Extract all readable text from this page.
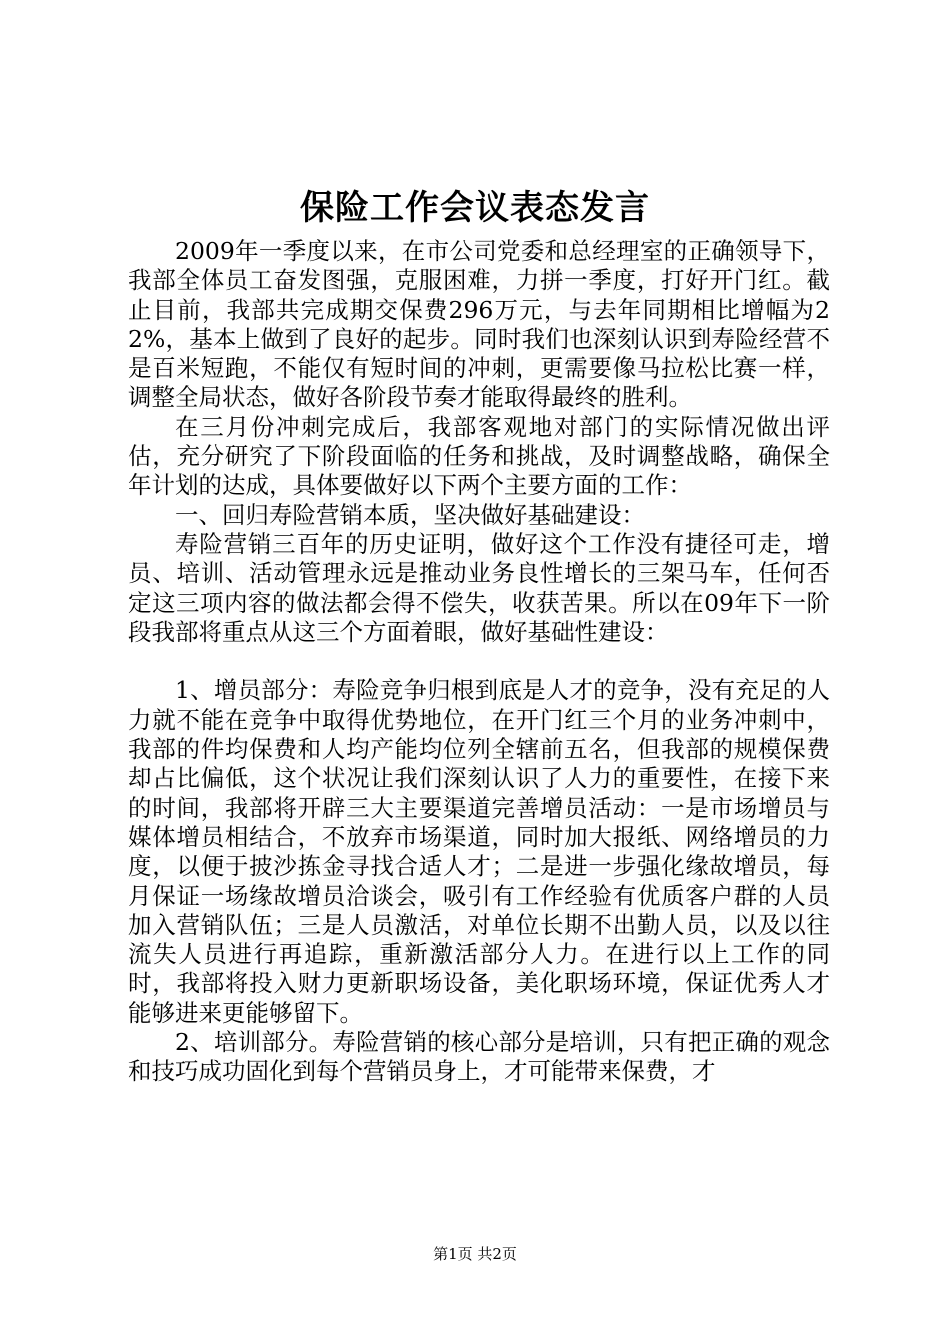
保险工作会议表态发言

2009年一季度以来，在市公司党委和总经理室的正确领导下，我部全体员工奋发图强，克服困难，力拼一季度，打好开门红。截止目前，我部共完成期交保费296万元，与去年同期相比增幅为22%，基本上做到了良好的起步。同时我们也深刻认识到寿险经营不是百米短跑，不能仅有短时间的冲刺，更需要像马拉松比赛一样，调整全局状态，做好各阶段节奏才能取得最终的胜利。

在三月份冲刺完成后，我部客观地对部门的实际情况做出评估，充分研究了下阶段面临的任务和挑战，及时调整战略，确保全年计划的达成，具体要做好以下两个主要方面的工作：

一、回归寿险营销本质，坚决做好基础建设：

寿险营销三百年的历史证明，做好这个工作没有捷径可走，增员、培训、活动管理永远是推动业务良性增长的三架马车，任何否定这三项内容的做法都会得不偿失，收获苦果。所以在09年下一阶段我部将重点从这三个方面着眼，做好基础性建设：

1、增员部分：寿险竞争归根到底是人才的竞争，没有充足的人力就不能在竞争中取得优势地位，在开门红三个月的业务冲刺中，我部的件均保费和人均产能均位列全辖前五名，但我部的规模保费却占比偏低，这个状况让我们深刻认识了人力的重要性，在接下来的时间，我部将开辟三大主要渠道完善增员活动：一是市场增员与媒体增员相结合，不放弃市场渠道，同时加大报纸、网络增员的力度，以便于披沙拣金寻找合适人才；二是进一步强化缘故增员，每月保证一场缘故增员洽谈会，吸引有工作经验有优质客户群的人员加入营销队伍；三是人员激活，对单位长期不出勤人员，以及以往流失人员进行再追踪，重新激活部分人力。在进行以上工作的同时，我部将投入财力更新职场设备，美化职场环境，保证优秀人才能够进来更能够留下。

2、培训部分。寿险营销的核心部分是培训，只有把正确的观念和技巧成功固化到每个营销员身上，才可能带来保费，才

第1页 共2页
